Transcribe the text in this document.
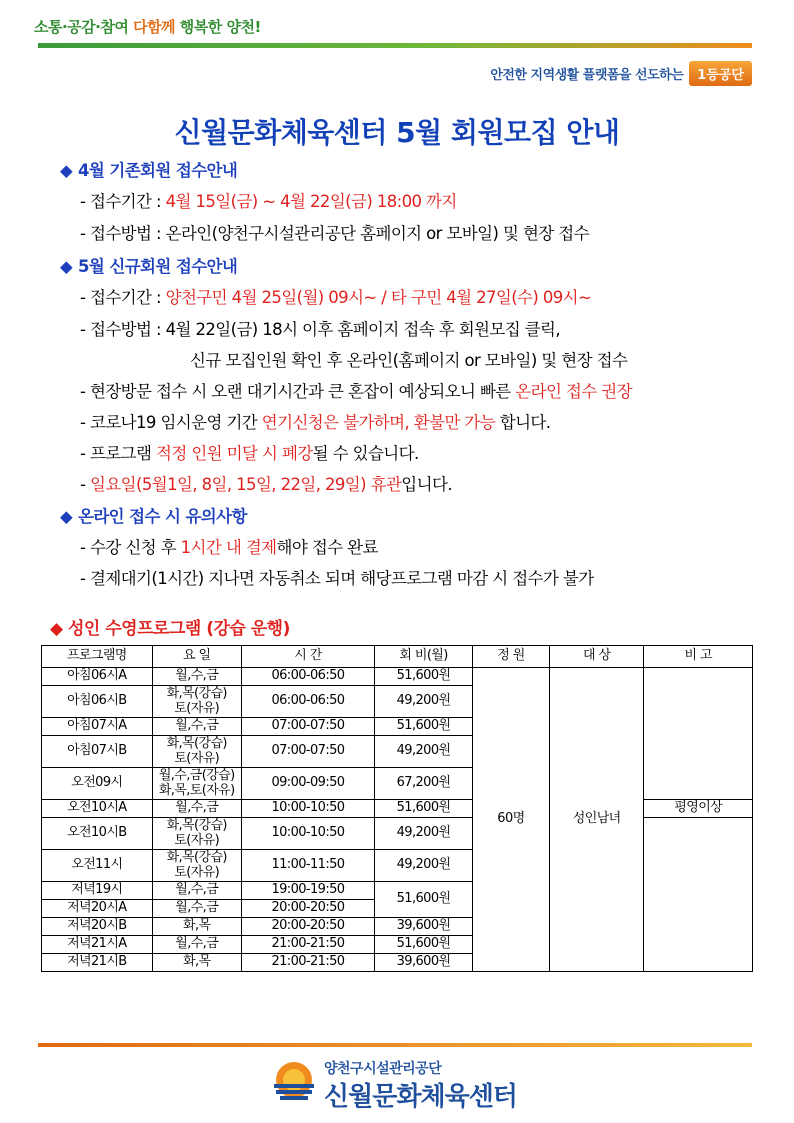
소통·공감·참여 다함께 행복한 양천!
안전한 지역생활 플랫폼을 선도하는	1등공단
신월문화체육센터 5월 회원모집 안내
◆ 4월 기존회원 접수안내
- 접수기간 : 4월 15일(금) ~ 4월 22일(금) 18:00 까지
- 접수방법 : 온라인(양천구시설관리공단 홈페이지 or 모바일) 및 현장 접수
◆ 5월 신규회원 접수안내
- 접수기간 : 양천구민 4월 25일(월) 09시~ / 타 구민 4월 27일(수) 09시~
- 접수방법 : 4월 22일(금) 18시 이후 홈페이지 접속 후 회원모집 클릭,
신규 모집인원 확인 후 온라인(홈페이지 or 모바일) 및 현장 접수
- 현장방문 접수 시 오랜 대기시간과 큰 혼잡이 예상되오니 빠른 온라인 접수 권장
- 코로나19 임시운영 기간 연기신청은 불가하며, 환불만 가능 합니다.
- 프로그램 적정 인원 미달 시 폐강될 수 있습니다.
- 일요일(5월1일, 8일, 15일, 22일, 29일) 휴관입니다.
◆ 온라인 접수 시 유의사항
- 수강 신청 후 1시간 내 결제해야 접수 완료
- 결제대기(1시간) 지나면 자동취소 되며 해당프로그램 마감 시 접수가 불가
◆ 성인 수영프로그램 (강습 운행)
프로그램명	요 일	시 간	회 비(월)	정 원	대 상	비 고
아침06시A	월,수,금	06:00-06:50	51,600원	60명	성인남녀	
아침06시B	화,목(강습)
토(자유)	06:00-06:50	49,200원			
아침07시A	월,수,금	07:00-07:50	51,600원			
아침07시B	화,목(강습)
토(자유)	07:00-07:50	49,200원			
오전09시	월,수,금(강습)
화,목,토(자유)	09:00-09:50	67,200원			
오전10시A	월,수,금	10:00-10:50	51,600원			평영이상
오전10시B	화,목(강습)
토(자유)	10:00-10:50	49,200원			
오전11시	화,목(강습)
토(자유)	11:00-11:50	49,200원			
저녁19시	월,수,금	19:00-19:50	51,600원			
저녁20시A	월,수,금	20:00-20:50				
저녁20시B	화,목	20:00-20:50	39,600원			
저녁21시A	월,수,금	21:00-21:50	51,600원			
저녁21시B	화,목	21:00-21:50	39,600원			
양천구시설관리공단
신월문화체육센터
